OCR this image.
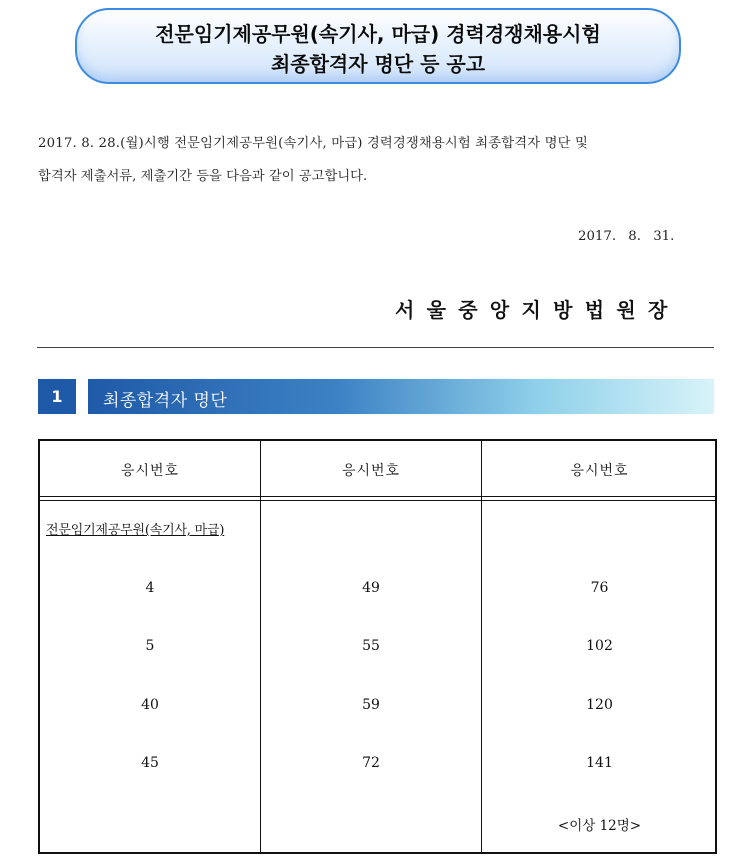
전문임기제공무원(속기사, 마급) 경력경쟁채용시험
최종합격자 명단 등 공고
2017. 8. 28.(월)시행 전문임기제공무원(속기사, 마급) 경력경쟁채용시험 최종합격자 명단 및
합격자 제출서류, 제출기간 등을 다음과 같이 공고합니다.
2017. 8. 31.
서울중앙지방법원장
1	최종합격자 명단
응시번호	응시번호	응시번호
전문임기제공무원(속기사, 마급)
4	49	76
5	55	102
40	59	120
45	72	141
<이상 12명>
